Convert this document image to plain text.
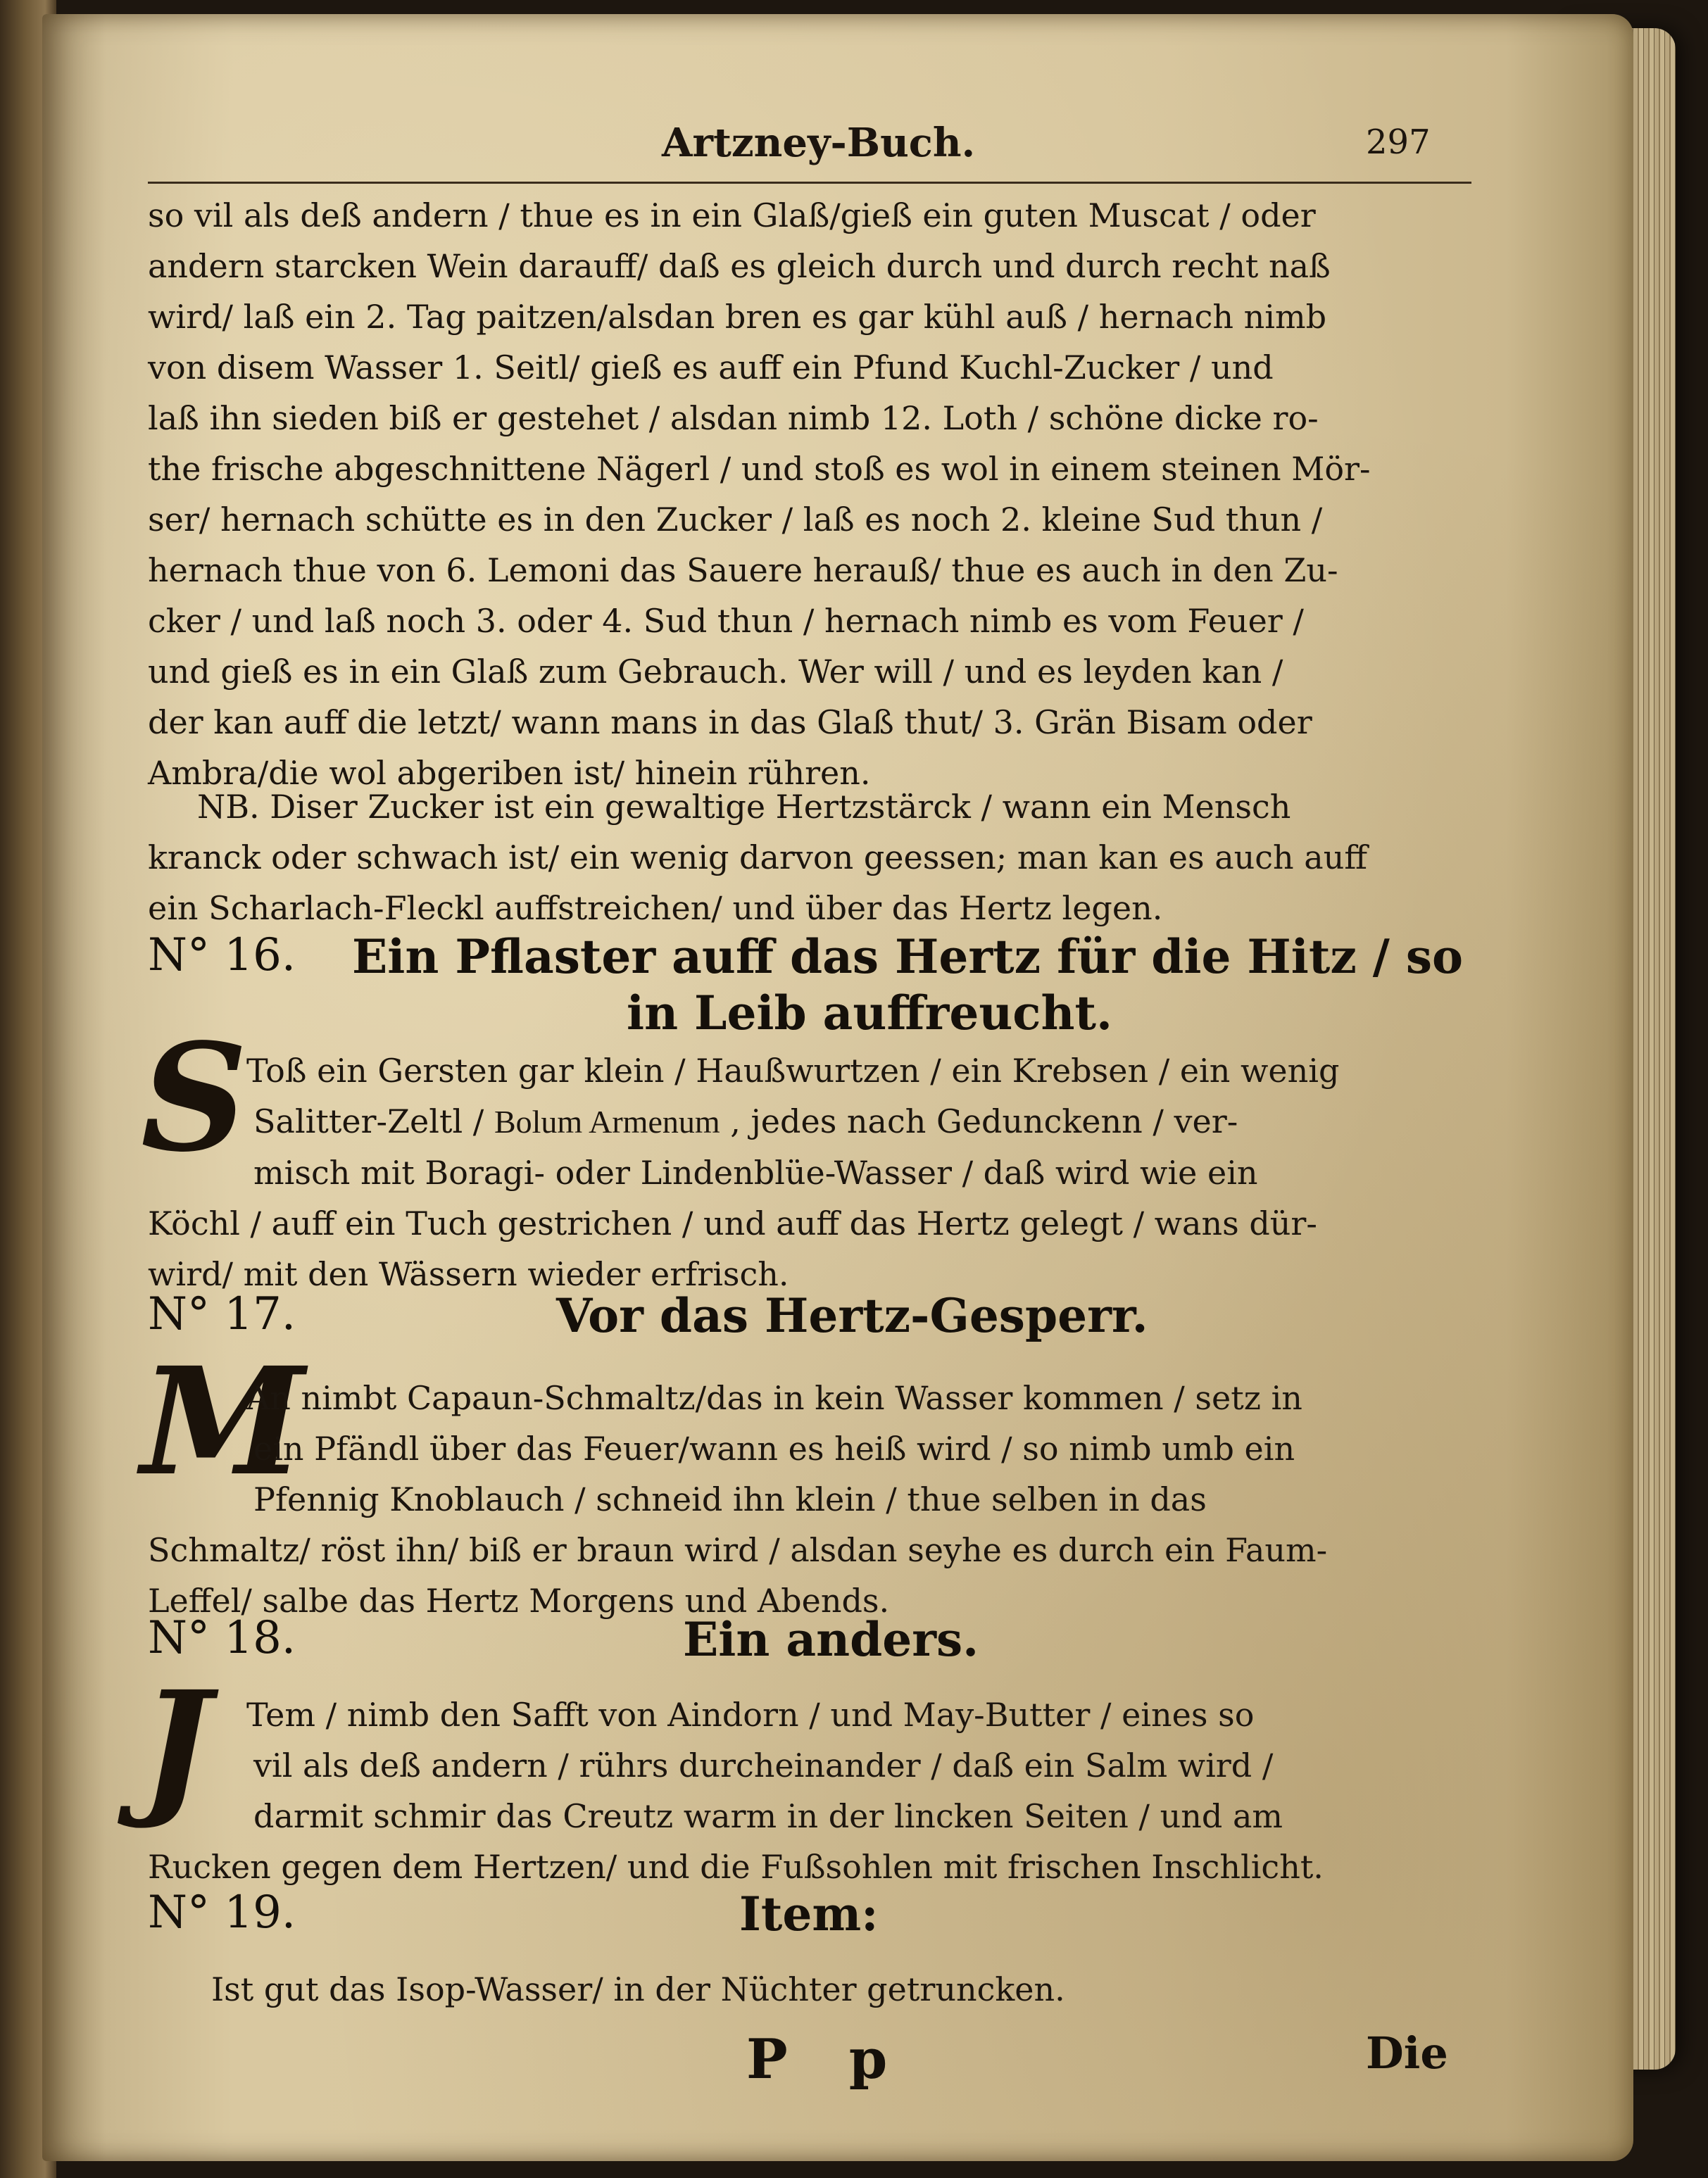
Artzney-Buch.	297
so vil als deß andern / thue es in ein Glaß/gieß ein guten Muscat / oder
andern starcken Wein darauff/ daß es gleich durch und durch recht naß
wird/ laß ein 2. Tag paitzen/alsdan bren es gar kühl auß / hernach nimb
von disem Wasser 1. Seitl/ gieß es auff ein Pfund Kuchl-Zucker / und
laß ihn sieden biß er gestehet / alsdan nimb 12. Loth / schöne dicke ro-
the frische abgeschnittene Nägerl / und stoß es wol in einem steinen Mör-
ser/ hernach schütte es in den Zucker / laß es noch 2. kleine Sud thun /
hernach thue von 6. Lemoni das Sauere herauß/ thue es auch in den Zu-
cker / und laß noch 3. oder 4. Sud thun / hernach nimb es vom Feuer /
und gieß es in ein Glaß zum Gebrauch. Wer will / und es leyden kan /
der kan auff die letzt/ wann mans in das Glaß thut/ 3. Grän Bisam oder
Ambra/die wol abgeriben ist/ hinein rühren.
NB. Diser Zucker ist ein gewaltige Hertzstärck / wann ein Mensch
kranck oder schwach ist/ ein wenig darvon geessen; man kan es auch auff
ein Scharlach-Fleckl auffstreichen/ und über das Hertz legen.
N° 16. Ein Pflaster auff das Hertz für die Hitz / so
in Leib auffreucht.
S
Toß ein Gersten gar klein / Haußwurtzen / ein Krebsen / ein wenig
Salitter-Zeltl / Bolum Armenum , jedes nach Gedunckenn / ver-
misch mit Boragi- oder Lindenblüe-Wasser / daß wird wie ein
Köchl / auff ein Tuch gestrichen / und auff das Hertz gelegt / wans dür-
wird/ mit den Wässern wieder erfrisch.
N° 17.	Vor das Hertz-Gesperr.
M
An nimbt Capaun-Schmaltz/das in kein Wasser kommen / setz in
ein Pfändl über das Feuer/wann es heiß wird / so nimb umb ein
Pfennig Knoblauch / schneid ihn klein / thue selben in das
Schmaltz/ röst ihn/ biß er braun wird / alsdan seyhe es durch ein Faum-
Leffel/ salbe das Hertz Morgens und Abends.
N° 18.	Ein anders.
J	Tem / nimb den Safft von Aindorn / und May-Butter / eines so
vil als deß andern / rührs durcheinander / daß ein Salm wird /
darmit schmir das Creutz warm in der lincken Seiten / und am
Rucken gegen dem Hertzen/ und die Fußsohlen mit frischen Inschlicht.
N° 19.	Item:
Ist gut das Isop-Wasser/ in der Nüchter getruncken.
P p	Die
